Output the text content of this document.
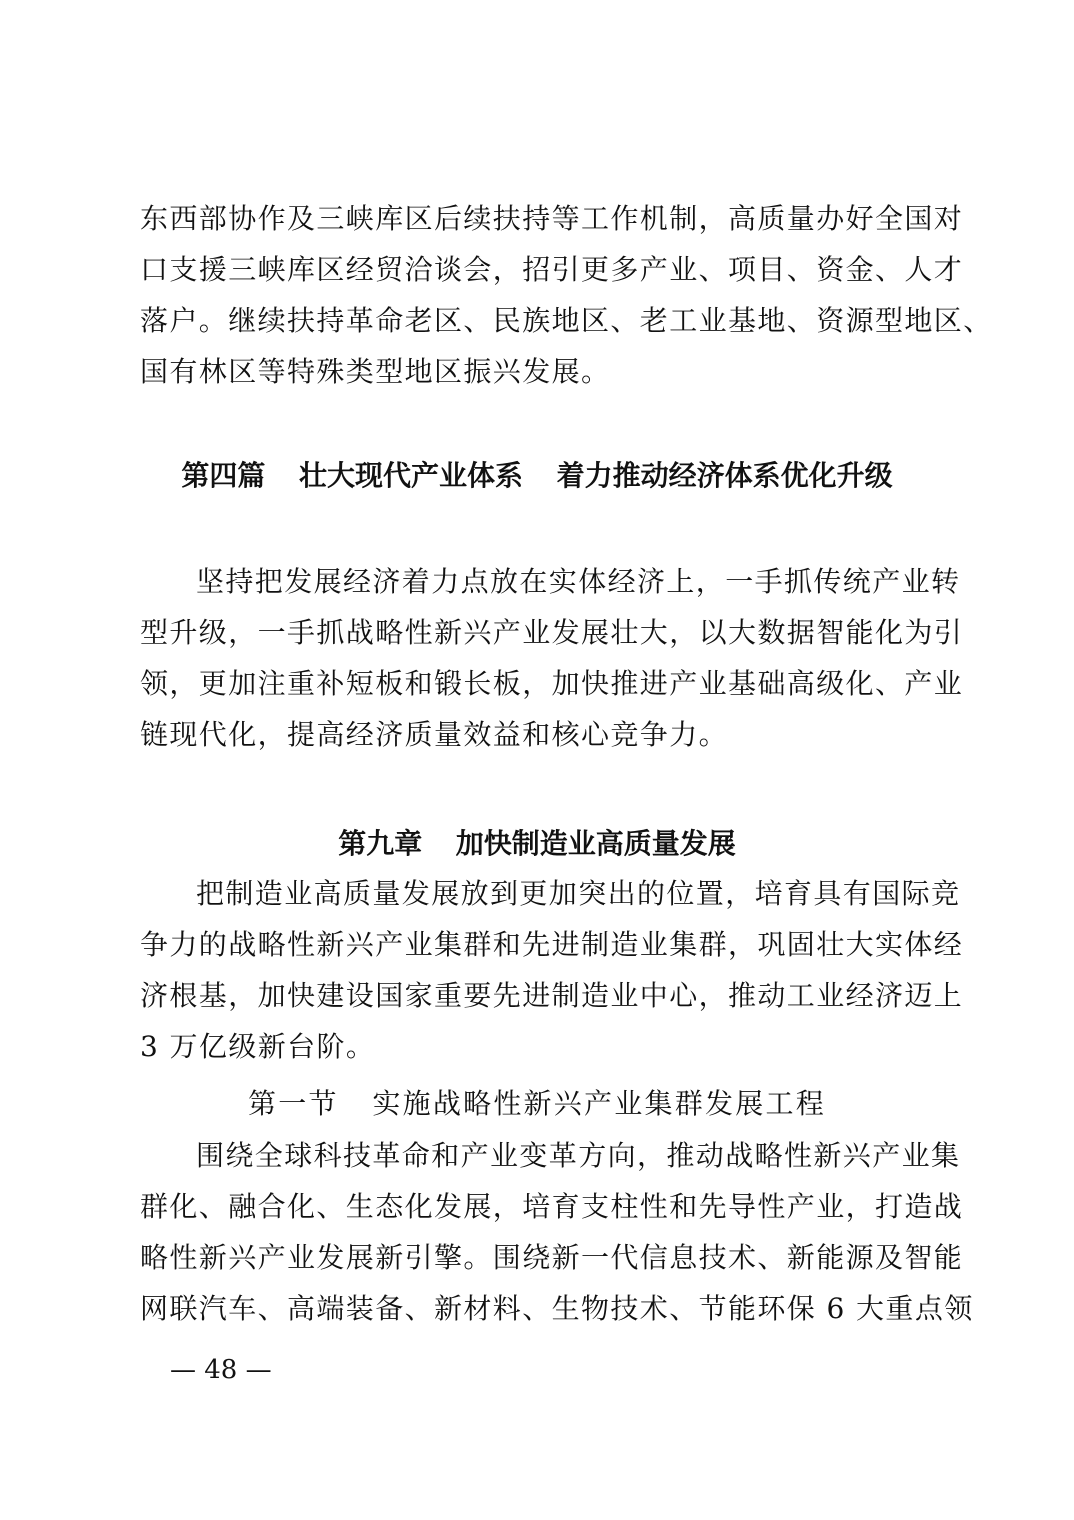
东西部协作及三峡库区后续扶持等工作机制，高质量办好全国对
口支援三峡库区经贸洽谈会，招引更多产业、项目、资金、人才
落户。继续扶持革命老区、民族地区、老工业基地、资源型地区、
国有林区等特殊类型地区振兴发展。
第四篇 壮大现代产业体系 着力推动经济体系优化升级
坚持把发展经济着力点放在实体经济上，一手抓传统产业转
型升级，一手抓战略性新兴产业发展壮大，以大数据智能化为引
领，更加注重补短板和锻长板，加快推进产业基础高级化、产业
链现代化，提高经济质量效益和核心竞争力。
第九章 加快制造业高质量发展
把制造业高质量发展放到更加突出的位置，培育具有国际竞
争力的战略性新兴产业集群和先进制造业集群，巩固壮大实体经
济根基，加快建设国家重要先进制造业中心，推动工业经济迈上
3 万亿级新台阶。
第一节 实施战略性新兴产业集群发展工程
围绕全球科技革命和产业变革方向，推动战略性新兴产业集
群化、融合化、生态化发展，培育支柱性和先导性产业，打造战
略性新兴产业发展新引擎。围绕新一代信息技术、新能源及智能
网联汽车、高端装备、新材料、生物技术、节能环保 6 大重点领
— 48 —
